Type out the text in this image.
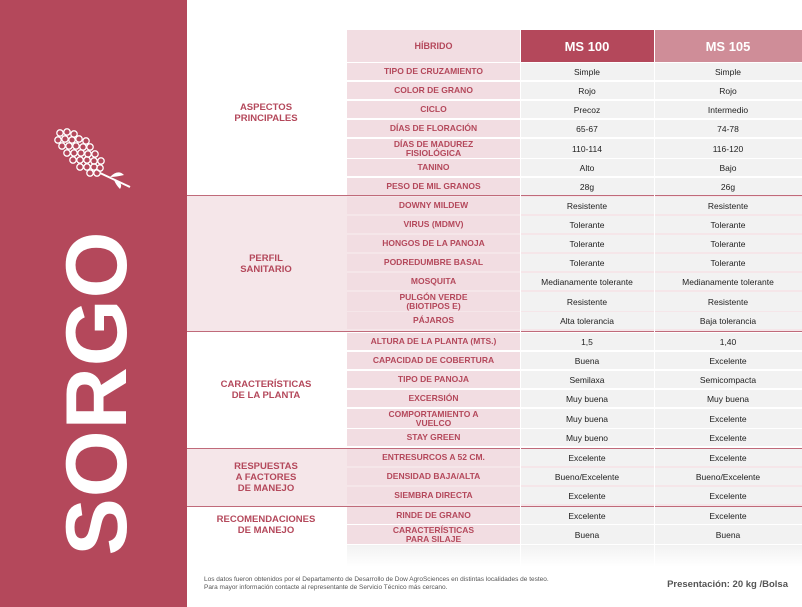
SORGO
ASPECTOS
PRINCIPALES
PERFIL
SANITARIO
CARACTERÍSTICAS
DE LA PLANTA
RESPUESTAS
A FACTORES
DE MANEJO
RECOMENDACIONES
DE MANEJO
HÍBRIDO	MS 100	MS 105
TIPO DE CRUZAMIENTO	Simple	Simple
COLOR DE GRANO	Rojo	Rojo
CICLO	Precoz	Intermedio
DÍAS DE FLORACIÓN	65-67	74-78
DÍAS DE MADUREZ FISIOLÓGICA	110-114	116-120
TANINO	Alto	Bajo
PESO DE MIL GRANOS	28g	26g
DOWNY MILDEW	Resistente	Resistente
VIRUS (MDMV)	Tolerante	Tolerante
HONGOS DE LA PANOJA	Tolerante	Tolerante
PODREDUMBRE BASAL	Tolerante	Tolerante
MOSQUITA	Medianamente tolerante	Medianamente tolerante
PULGÓN VERDE (BIOTIPOS E)	Resistente	Resistente
PÁJAROS	Alta tolerancia	Baja tolerancia
ALTURA DE LA PLANTA (MTS.)	1,5	1,40
CAPACIDAD DE COBERTURA	Buena	Excelente
TIPO DE PANOJA	Semilaxa	Semicompacta
EXCERSIÓN	Muy buena	Muy buena
COMPORTAMIENTO A VUELCO	Muy buena	Excelente
STAY GREEN	Muy bueno	Excelente
ENTRESURCOS A 52 CM.	Excelente	Excelente
DENSIDAD BAJA/ALTA	Bueno/Excelente	Bueno/Excelente
SIEMBRA DIRECTA	Excelente	Excelente
RINDE DE GRANO	Excelente	Excelente
CARACTERÍSTICAS PARA SILAJE	Buena	Buena
Los datos fueron obtenidos por el Departamento de Desarrollo de Dow AgroSciences en distintas localidades de testeo.
Para mayor información contacte al representante de Servicio Técnico más cercano.	Presentación: 20 kg /Bolsa
